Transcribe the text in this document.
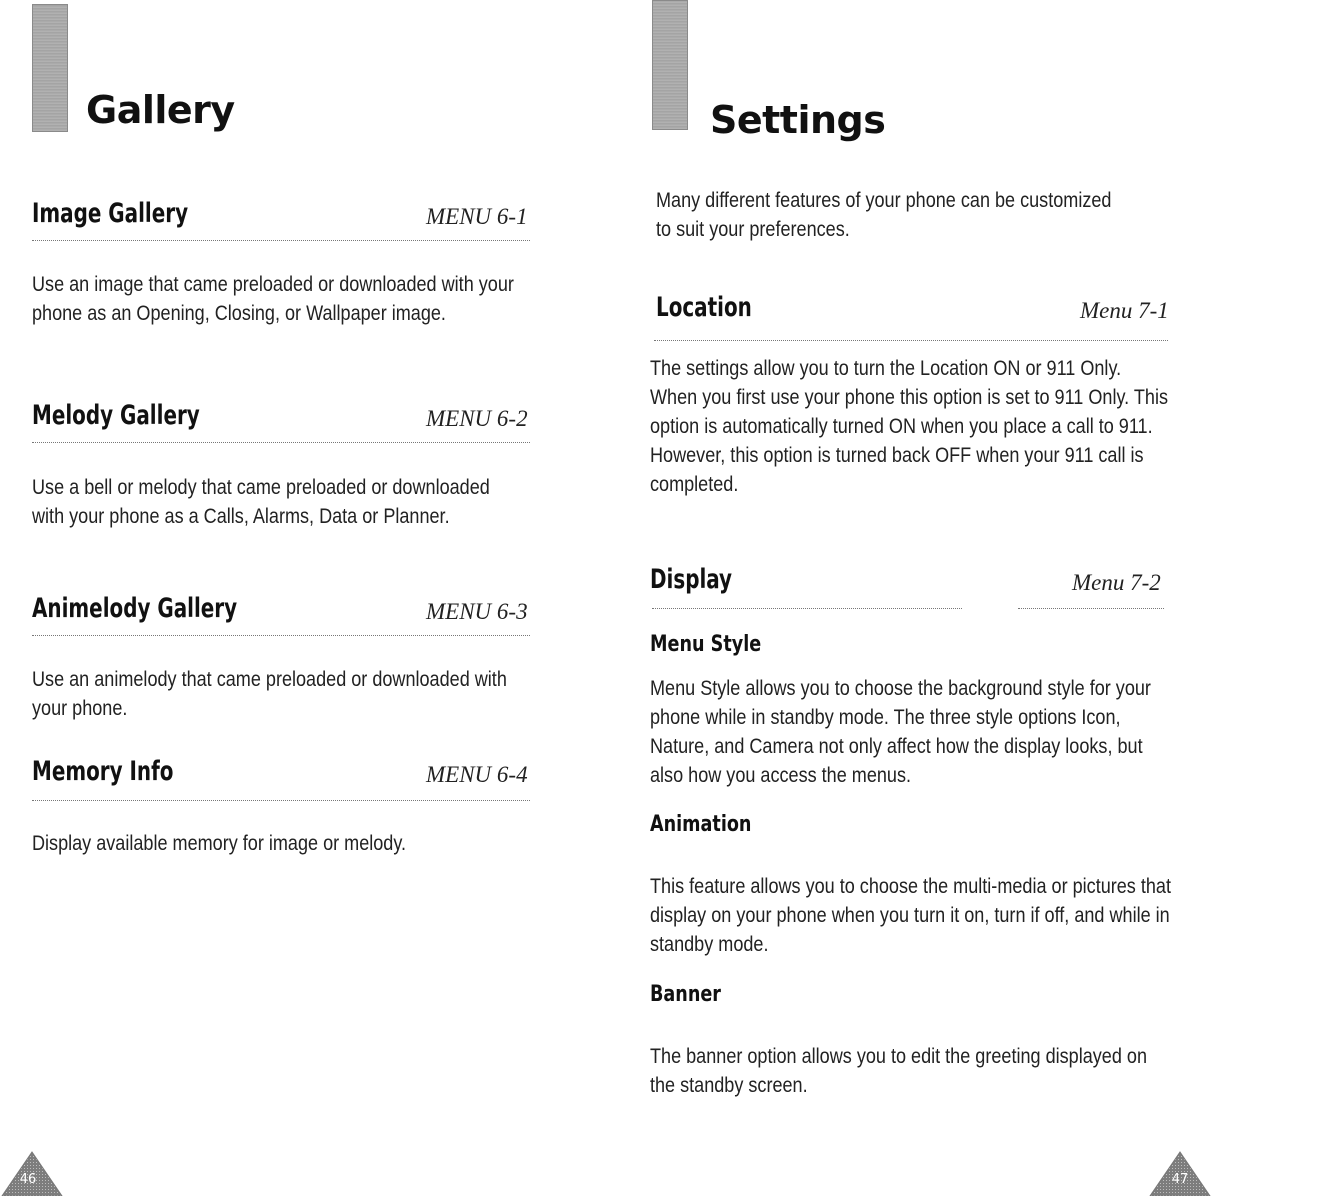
Gallery
Image Gallery	MENU 6-1

Use an image that came preloaded or downloaded with your phone as an Opening, Closing, or Wallpaper image.

Melody Gallery	MENU 6-2

Use a bell or melody that came preloaded or downloaded with your phone as a Calls, Alarms, Data or Planner.

Animelody Gallery	MENU 6-3

Use an animelody that came preloaded or downloaded with your phone.

Memory Info	MENU 6-4

Display available memory for image or melody.

46
Settings

Many different features of your phone can be customized to suit your preferences.

Location	Menu 7-1

The settings allow you to turn the Location ON or 911 Only. When you first use your phone this option is set to 911 Only. This option is automatically turned ON when you place a call to 911. However, this option is turned back OFF when your 911 call is completed.

Display	Menu 7-2

Menu Style

Menu Style allows you to choose the background style for your phone while in standby mode. The three style options Icon, Nature, and Camera not only affect how the display looks, but also how you access the menus.

Animation

This feature allows you to choose the multi-media or pictures that display on your phone when you turn it on, turn if off, and while in standby mode.

Banner

The banner option allows you to edit the greeting displayed on the standby screen.

47
